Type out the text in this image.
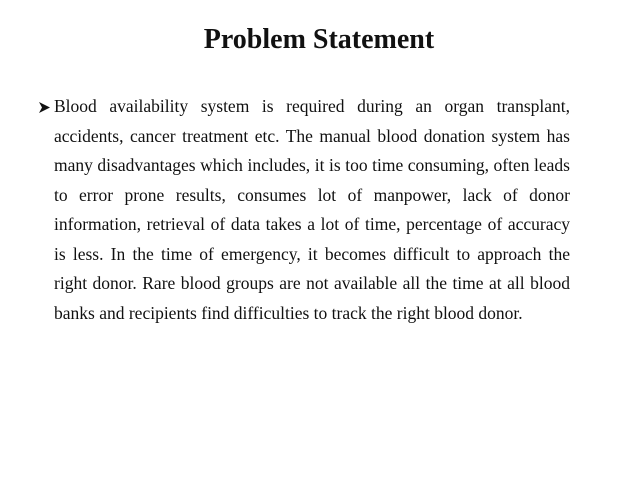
Problem Statement
Blood availability system is required during an organ transplant, accidents, cancer treatment etc. The manual blood donation system has many disadvantages which includes, it is too time consuming, often leads to error prone results, consumes lot of manpower, lack of donor information, retrieval of data takes a lot of time, percentage of accuracy is less. In the time of emergency, it becomes difficult to approach the right donor. Rare blood groups are not available all the time at all blood banks and recipients find difficulties to track the right blood donor.
